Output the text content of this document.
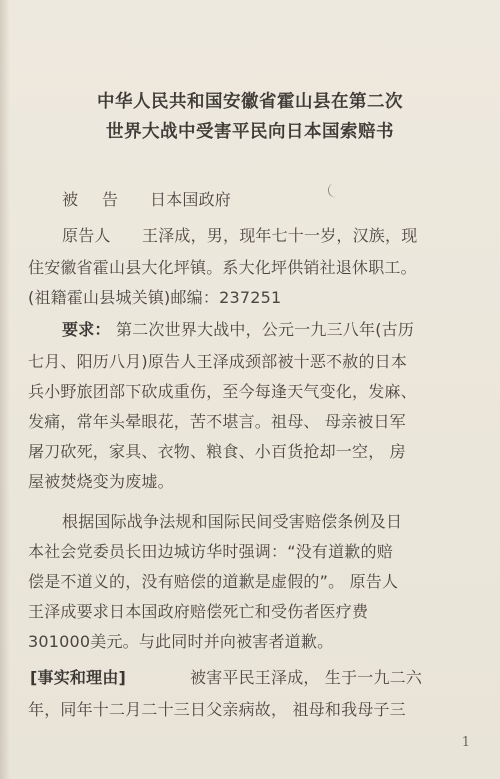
中华人民共和国安徽省霍山县在第二次
世界大战中受害平民向日本国索赔书
被　告 日本国政府
原告人 王泽成，男，现年七十一岁，汉族，现
住安徽省霍山县大化坪镇。系大化坪供销社退休职工。
(祖籍霍山县城关镇)邮编：237251
要求： 第二次世界大战中，公元一九三八年(古历
七月、阳历八月)原告人王泽成颈部被十恶不赦的日本
兵小野旅团部下砍成重伤，至今每逢天气变化，发麻、
发痛，常年头晕眼花，苦不堪言。祖母、 母亲被日军
屠刀砍死，家具、衣物、粮食、小百货抢却一空， 房
屋被焚烧变为废墟。
根据国际战争法规和国际民间受害赔偿条例及日
本社会党委员长田边城访华时强调：“没有道歉的赔
偿是不道义的，没有赔偿的道歉是虚假的”。 原告人
王泽成要求日本国政府赔偿死亡和受伤者医疗费
301000美元。与此同时并向被害者道歉。
[事实和理由]	被害平民王泽成， 生于一九二六
年，同年十二月二十三日父亲病故， 祖母和我母子三
1
